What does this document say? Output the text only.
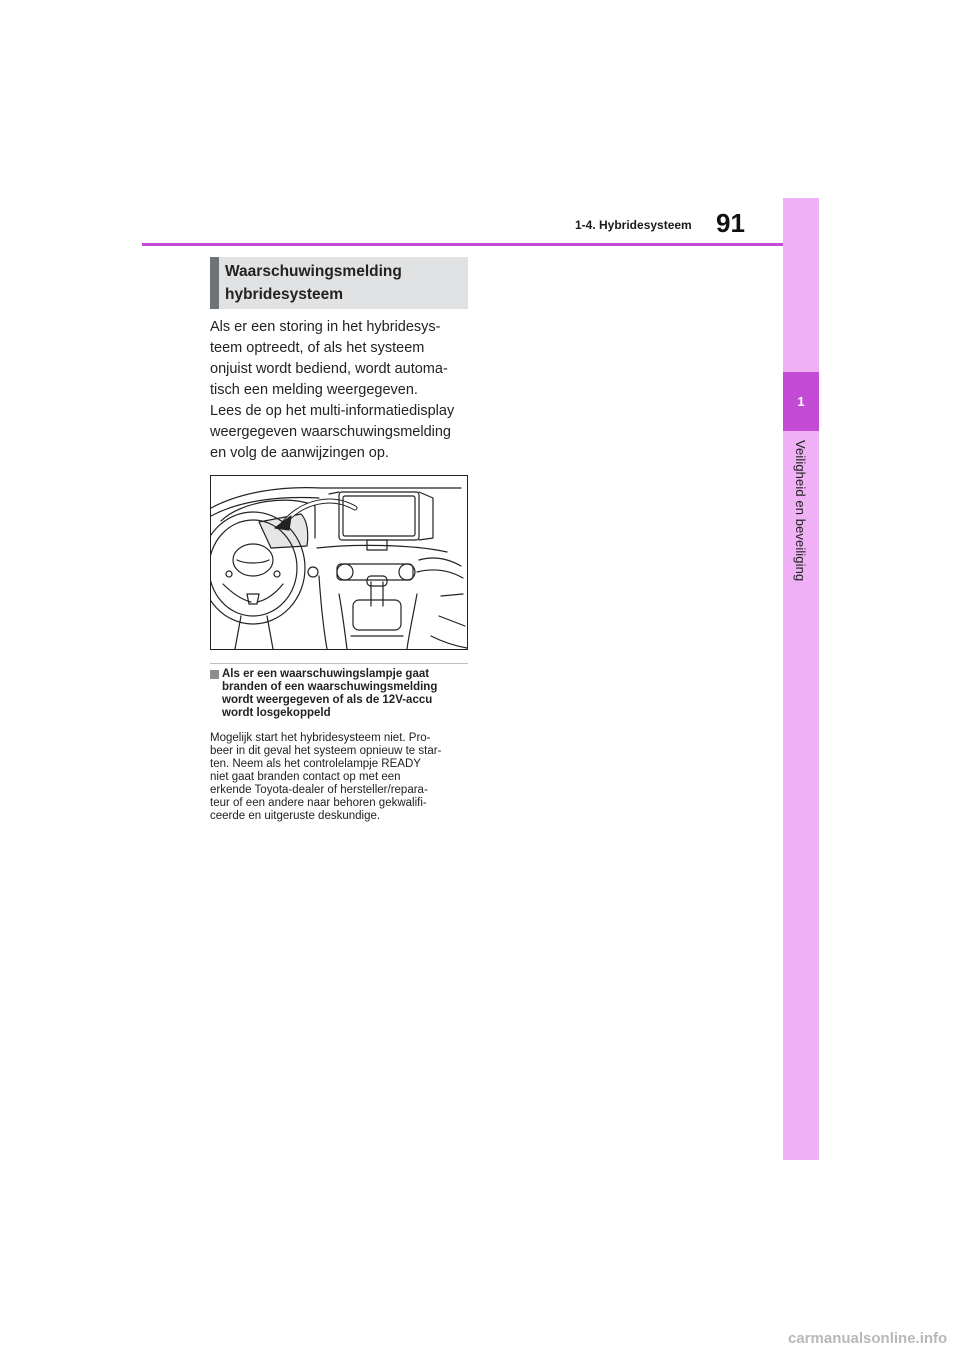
1
Veiligheid en beveiliging
1-4. Hybridesysteem 91

Waarschuwingsmelding

hybridesysteem

Als er een storing in het hybridesys-
teem optreedt, of als het systeem
onjuist wordt bediend, wordt automa-
tisch een melding weergegeven.

Lees de op het multi-informatiedisplay
weergegeven waarschuwingsmelding
en volg de aanwijzingen op.

Als er een waarschuwingslampje gaat
branden of een waarschuwingsmelding
wordt weergegeven of als de 12V-accu
wordt losgekoppeld

Mogelijk start het hybridesysteem niet. Pro-
beer in dit geval het systeem opnieuw te star-
ten. Neem als het controlelampje READY
niet gaat branden contact op met een
erkende Toyota-dealer of hersteller/repara-
teur of een andere naar behoren gekwalifi-
ceerde en uitgeruste deskundige.

carmanualsonline.info
